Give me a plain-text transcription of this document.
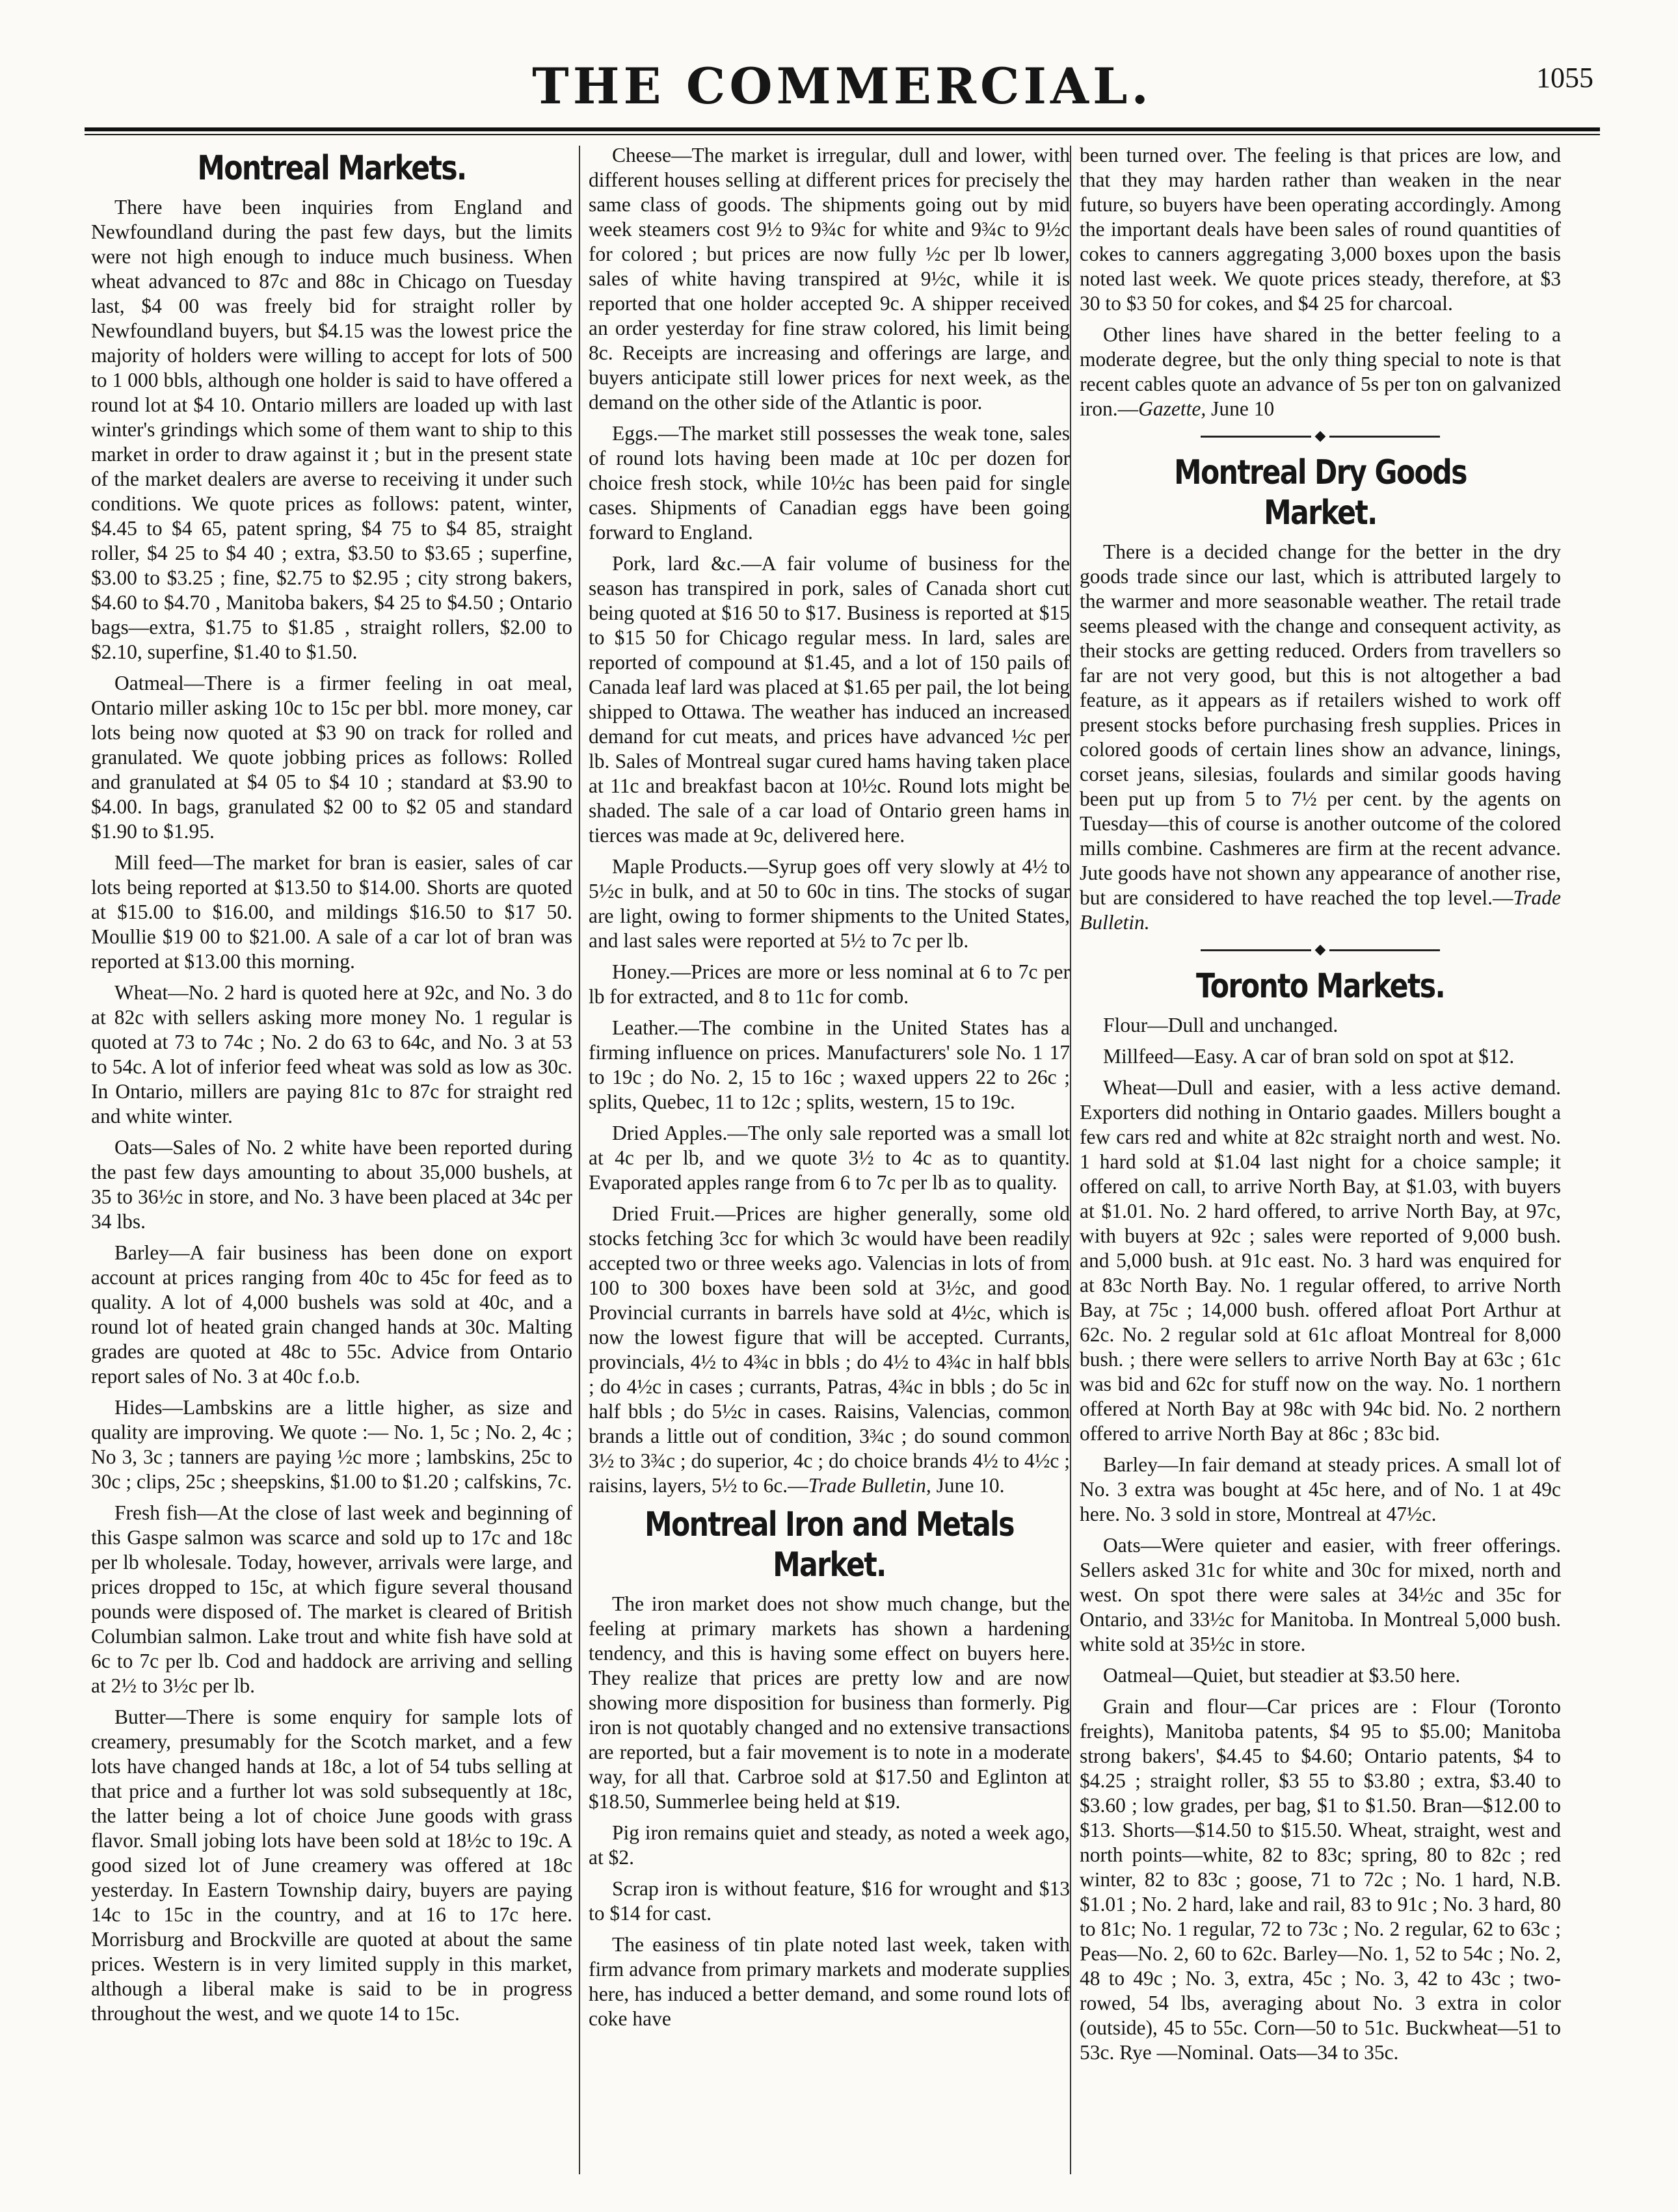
THE COMMERCIAL.	1055
Montreal Markets.

There have been inquiries from England and Newfoundland during the past few days, but the limits were not high enough to induce much business. When wheat advanced to 87c and 88c in Chicago on Tuesday last, $4 00 was freely bid for straight roller by Newfoundland buyers, but $4.15 was the lowest price the majority of holders were willing to accept for lots of 500 to 1 000 bbls, although one holder is said to have offered a round lot at $4 10. Ontario millers are loaded up with last winter's grindings which some of them want to ship to this market in order to draw against it ; but in the present state of the market dealers are averse to receiving it under such conditions. We quote prices as follows: patent, winter, $4.45 to $4 65, patent spring, $4 75 to $4 85, straight roller, $4 25 to $4 40 ; extra, $3.50 to $3.65 ; superfine, $3.00 to $3.25 ; fine, $2.75 to $2.95 ; city strong bakers, $4.60 to $4.70 , Manitoba bakers, $4 25 to $4.50 ; Ontario bags—extra, $1.75 to $1.85 , straight rollers, $2.00 to $2.10, superfine, $1.40 to $1.50.

Oatmeal—There is a firmer feeling in oat meal, Ontario miller asking 10c to 15c per bbl. more money, car lots being now quoted at $3 90 on track for rolled and granulated. We quote jobbing prices as follows: Rolled and granulated at $4 05 to $4 10 ; standard at $3.90 to $4.00. In bags, granulated $2 00 to $2 05 and standard $1.90 to $1.95.

Mill feed—The market for bran is easier, sales of car lots being reported at $13.50 to $14.00. Shorts are quoted at $15.00 to $16.00, and mildings $16.50 to $17 50. Moullie $19 00 to $21.00. A sale of a car lot of bran was reported at $13.00 this morning.

Wheat—No. 2 hard is quoted here at 92c, and No. 3 do at 82c with sellers asking more money No. 1 regular is quoted at 73 to 74c ; No. 2 do 63 to 64c, and No. 3 at 53 to 54c. A lot of inferior feed wheat was sold as low as 30c. In Ontario, millers are paying 81c to 87c for straight red and white winter.

Oats—Sales of No. 2 white have been reported during the past few days amounting to about 35,000 bushels, at 35 to 36½c in store, and No. 3 have been placed at 34c per 34 lbs.

Barley—A fair business has been done on export account at prices ranging from 40c to 45c for feed as to quality. A lot of 4,000 bushels was sold at 40c, and a round lot of heated grain changed hands at 30c. Malting grades are quoted at 48c to 55c. Advice from Ontario report sales of No. 3 at 40c f.o.b.

Hides—Lambskins are a little higher, as size and quality are improving. We quote :— No. 1, 5c ; No. 2, 4c ; No 3, 3c ; tanners are paying ½c more ; lambskins, 25c to 30c ; clips, 25c ; sheepskins, $1.00 to $1.20 ; calfskins, 7c.

Fresh fish—At the close of last week and beginning of this Gaspe salmon was scarce and sold up to 17c and 18c per lb wholesale. Today, however, arrivals were large, and prices dropped to 15c, at which figure several thousand pounds were disposed of. The market is cleared of British Columbian salmon. Lake trout and white fish have sold at 6c to 7c per lb. Cod and haddock are arriving and selling at 2½ to 3½c per lb.

Butter—There is some enquiry for sample lots of creamery, presumably for the Scotch market, and a few lots have changed hands at 18c, a lot of 54 tubs selling at that price and a further lot was sold subsequently at 18c, the latter being a lot of choice June goods with grass flavor. Small jobing lots have been sold at 18½c to 19c. A good sized lot of June creamery was offered at 18c yesterday. In Eastern Township dairy, buyers are paying 14c to 15c in the country, and at 16 to 17c here. Morrisburg and Brockville are quoted at about the same prices. Western is in very limited supply in this market, although a liberal make is said to be in progress throughout the west, and we quote 14 to 15c.

Cheese—The market is irregular, dull and lower, with different houses selling at different prices for precisely the same class of goods. The shipments going out by mid week steamers cost 9½ to 9¾c for white and 9¾c to 9½c for colored ; but prices are now fully ½c per lb lower, sales of white having transpired at 9½c, while it is reported that one holder accepted 9c. A shipper received an order yesterday for fine straw colored, his limit being 8c. Receipts are increasing and offerings are large, and buyers anticipate still lower prices for next week, as the demand on the other side of the Atlantic is poor.

Eggs.—The market still possesses the weak tone, sales of round lots having been made at 10c per dozen for choice fresh stock, while 10½c has been paid for single cases. Shipments of Canadian eggs have been going forward to England.

Pork, lard &c.—A fair volume of business for the season has transpired in pork, sales of Canada short cut being quoted at $16 50 to $17. Business is reported at $15 to $15 50 for Chicago regular mess. In lard, sales are reported of compound at $1.45, and a lot of 150 pails of Canada leaf lard was placed at $1.65 per pail, the lot being shipped to Ottawa. The weather has induced an increased demand for cut meats, and prices have advanced ½c per lb. Sales of Montreal sugar cured hams having taken place at 11c and breakfast bacon at 10½c. Round lots might be shaded. The sale of a car load of Ontario green hams in tierces was made at 9c, delivered here.

Maple Products.—Syrup goes off very slowly at 4½ to 5½c in bulk, and at 50 to 60c in tins. The stocks of sugar are light, owing to former shipments to the United States, and last sales were reported at 5½ to 7c per lb.

Honey.—Prices are more or less nominal at 6 to 7c per lb for extracted, and 8 to 11c for comb.

Leather.—The combine in the United States has a firming influence on prices. Manufacturers' sole No. 1 17 to 19c ; do No. 2, 15 to 16c ; waxed uppers 22 to 26c ; splits, Quebec, 11 to 12c ; splits, western, 15 to 19c.

Dried Apples.—The only sale reported was a small lot at 4c per lb, and we quote 3½ to 4c as to quantity. Evaporated apples range from 6 to 7c per lb as to quality.

Dried Fruit.—Prices are higher generally, some old stocks fetching 3cc for which 3c would have been readily accepted two or three weeks ago. Valencias in lots of from 100 to 300 boxes have been sold at 3½c, and good Provincial currants in barrels have sold at 4½c, which is now the lowest figure that will be accepted. Currants, provincials, 4½ to 4¾c in bbls ; do 4½ to 4¾c in half bbls ; do 4½c in cases ; currants, Patras, 4¾c in bbls ; do 5c in half bbls ; do 5½c in cases. Raisins, Valencias, common brands a little out of condition, 3¾c ; do sound common 3½ to 3¾c ; do superior, 4c ; do choice brands 4½ to 4½c ; raisins, layers, 5½ to 6c.—Trade Bulletin, June 10.

Montreal Iron and Metals Market.

The iron market does not show much change, but the feeling at primary markets has shown a hardening tendency, and this is having some effect on buyers here. They realize that prices are pretty low and are now showing more disposition for business than formerly. Pig iron is not quotably changed and no extensive transactions are reported, but a fair movement is to note in a moderate way, for all that. Carbroe sold at $17.50 and Eglinton at $18.50, Summerlee being held at $19.

Pig iron remains quiet and steady, as noted a week ago, at $2.

Scrap iron is without feature, $16 for wrought and $13 to $14 for cast.

The easiness of tin plate noted last week, taken with firm advance from primary markets and moderate supplies here, has induced a better demand, and some round lots of coke have

been turned over. The feeling is that prices are low, and that they may harden rather than weaken in the near future, so buyers have been operating accordingly. Among the important deals have been sales of round quantities of cokes to canners aggregating 3,000 boxes upon the basis noted last week. We quote prices steady, therefore, at $3 30 to $3 50 for cokes, and $4 25 for charcoal.

Other lines have shared in the better feeling to a moderate degree, but the only thing special to note is that recent cables quote an advance of 5s per ton on galvanized iron.—Gazette, June 10

◆
Montreal Dry Goods Market.

There is a decided change for the better in the dry goods trade since our last, which is attributed largely to the warmer and more seasonable weather. The retail trade seems pleased with the change and consequent activity, as their stocks are getting reduced. Orders from travellers so far are not very good, but this is not altogether a bad feature, as it appears as if retailers wished to work off present stocks before purchasing fresh supplies. Prices in colored goods of certain lines show an advance, linings, corset jeans, silesias, foulards and similar goods having been put up from 5 to 7½ per cent. by the agents on Tuesday—this of course is another outcome of the colored mills combine. Cashmeres are firm at the recent advance. Jute goods have not shown any appearance of another rise, but are considered to have reached the top level.—Trade Bulletin.

◆
Toronto Markets.

Flour—Dull and unchanged.

Millfeed—Easy. A car of bran sold on spot at $12.

Wheat—Dull and easier, with a less active demand. Exporters did nothing in Ontario gaades. Millers bought a few cars red and white at 82c straight north and west. No. 1 hard sold at $1.04 last night for a choice sample; it offered on call, to arrive North Bay, at $1.03, with buyers at $1.01. No. 2 hard offered, to arrive North Bay, at 97c, with buyers at 92c ; sales were reported of 9,000 bush. and 5,000 bush. at 91c east. No. 3 hard was enquired for at 83c North Bay. No. 1 regular offered, to arrive North Bay, at 75c ; 14,000 bush. offered afloat Port Arthur at 62c. No. 2 regular sold at 61c afloat Montreal for 8,000 bush. ; there were sellers to arrive North Bay at 63c ; 61c was bid and 62c for stuff now on the way. No. 1 northern offered at North Bay at 98c with 94c bid. No. 2 northern offered to arrive North Bay at 86c ; 83c bid.

Barley—In fair demand at steady prices. A small lot of No. 3 extra was bought at 45c here, and of No. 1 at 49c here. No. 3 sold in store, Montreal at 47½c.

Oats—Were quieter and easier, with freer offerings. Sellers asked 31c for white and 30c for mixed, north and west. On spot there were sales at 34½c and 35c for Ontario, and 33½c for Manitoba. In Montreal 5,000 bush. white sold at 35½c in store.

Oatmeal—Quiet, but steadier at $3.50 here.

Grain and flour—Car prices are : Flour (Toronto freights), Manitoba patents, $4 95 to $5.00; Manitoba strong bakers', $4.45 to $4.60; Ontario patents, $4 to $4.25 ; straight roller, $3 55 to $3.80 ; extra, $3.40 to $3.60 ; low grades, per bag, $1 to $1.50. Bran—$12.00 to $13. Shorts—$14.50 to $15.50. Wheat, straight, west and north points—white, 82 to 83c; spring, 80 to 82c ; red winter, 82 to 83c ; goose, 71 to 72c ; No. 1 hard, N.B. $1.01 ; No. 2 hard, lake and rail, 83 to 91c ; No. 3 hard, 80 to 81c; No. 1 regular, 72 to 73c ; No. 2 regular, 62 to 63c ; Peas—No. 2, 60 to 62c. Barley—No. 1, 52 to 54c ; No. 2, 48 to 49c ; No. 3, extra, 45c ; No. 3, 42 to 43c ; two-rowed, 54 lbs, averaging about No. 3 extra in color (outside), 45 to 55c. Corn—50 to 51c. Buckwheat—51 to 53c. Rye —Nominal. Oats—34 to 35c.
